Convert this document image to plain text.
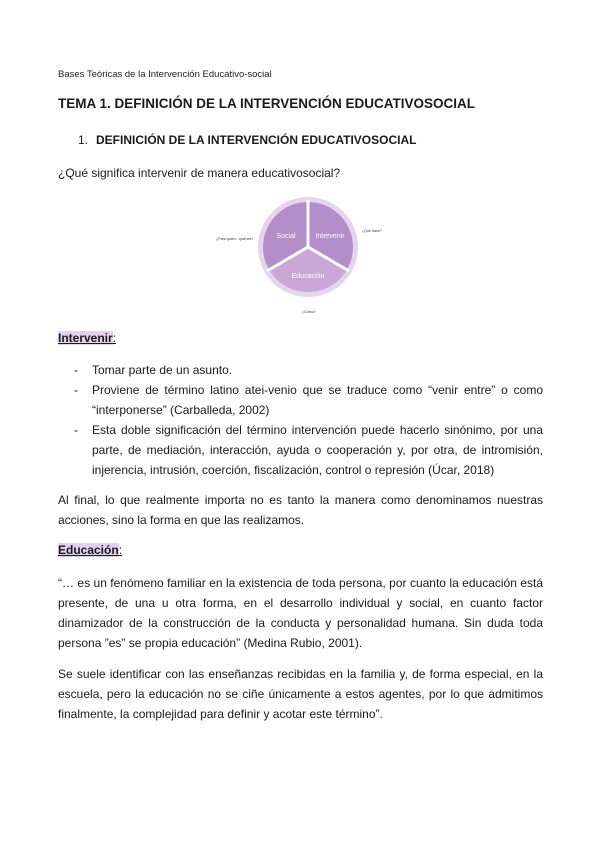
Bases Teóricas de la Intervención Educativo-social
TEMA 1. DEFINICIÓN DE LA INTERVENCIÓN EDUCATIVOSOCIAL
1. DEFINICIÓN DE LA INTERVENCIÓN EDUCATIVOSOCIAL
¿Qué significa intervenir de manera educativosocial?
Social	Intervenir
Educación
¿Para quién - quiénes?
¿Qué hace?
¿Cómo?
Intervenir:
- Tomar parte de un asunto.
- Proviene de término latino atei-venio que se traduce como “venir entre” o como “interponerse” (Carballeda, 2002)
- Esta doble significación del término intervención puede hacerlo sinónimo, por una parte, de mediación, interacción, ayuda o cooperación y, por otra, de intromisión, injerencia, intrusión, coerción, fiscalización, control o represión (Úcar, 2018)

Al final, lo que realmente importa no es tanto la manera como denominamos nuestras acciones, sino la forma en que las realizamos.

Educación:

“… es un fenómeno familiar en la existencia de toda persona, por cuanto la educación está presente, de una u otra forma, en el desarrollo individual y social, en cuanto factor dinamizador de la construcción de la conducta y personalidad humana. Sin duda toda persona ”es” se propia educación” (Medina Rubio, 2001).

Se suele identificar con las enseñanzas recibidas en la familia y, de forma especial, en la escuela, pero la educación no se ciñe únicamente a estos agentes, por lo que admitimos finalmente, la complejidad para definir y acotar este término”.
